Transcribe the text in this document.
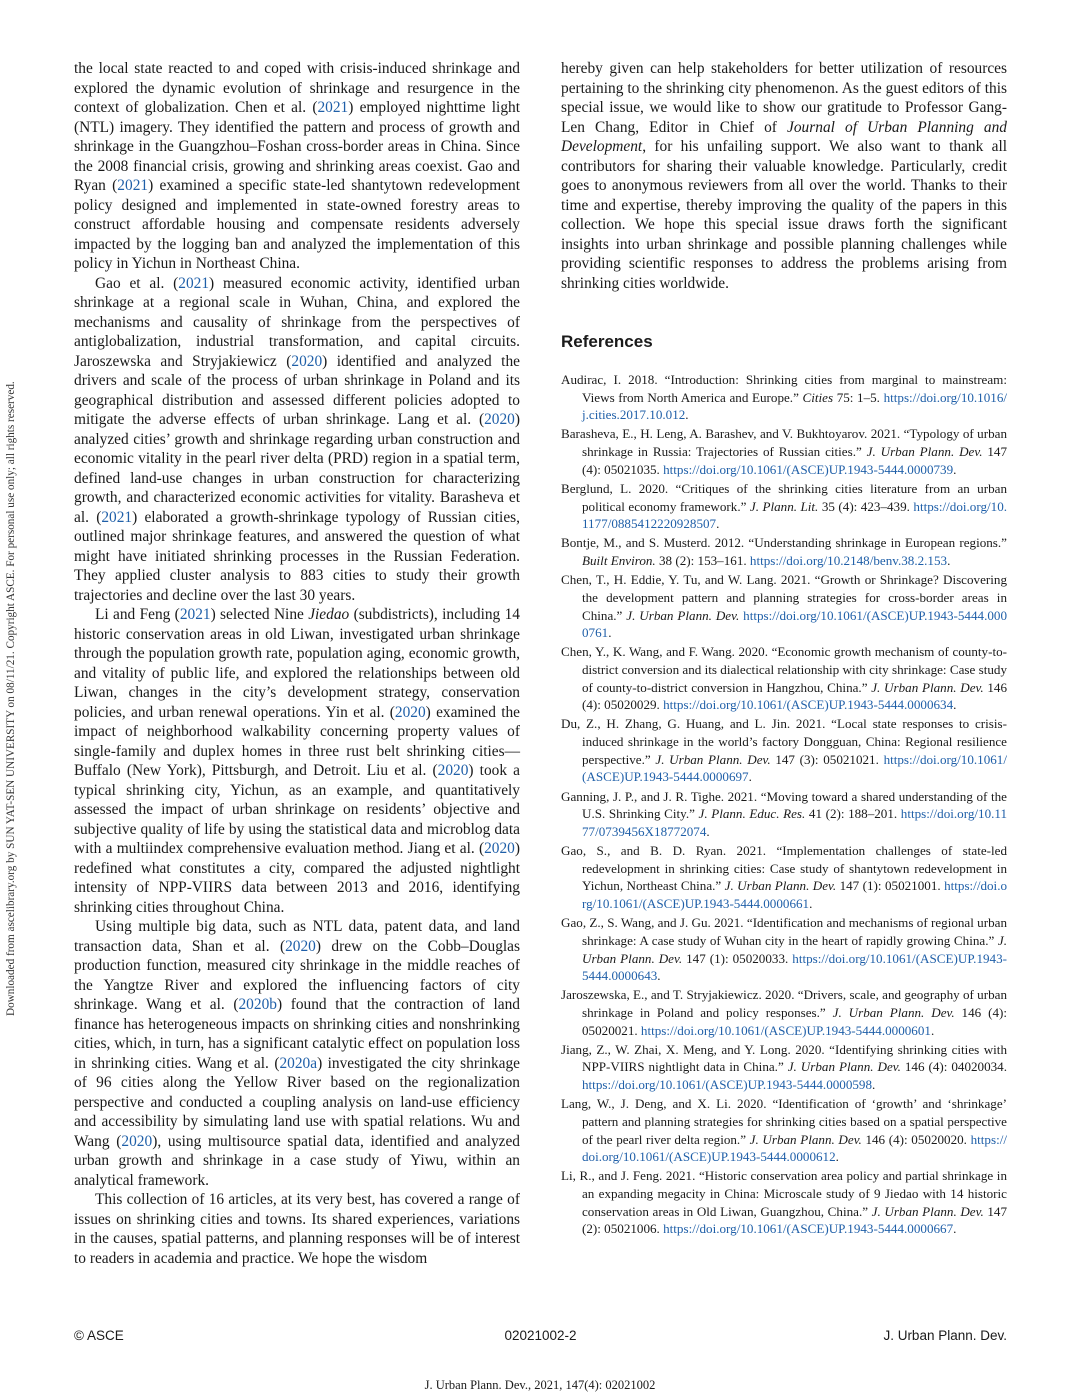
Downloaded from ascelibrary.org by SUN YAT-SEN UNIVERSITY on 08/11/21. Copyright ASCE. For personal use only; all rights reserved.

the local state reacted to and coped with crisis-induced shrinkage and explored the dynamic evolution of shrinkage and resurgence in the context of globalization. Chen et al. (2021) employed nighttime light (NTL) imagery. They identified the pattern and process of growth and shrinkage in the Guangzhou–Foshan cross-border areas in China. Since the 2008 financial crisis, growing and shrinking areas coexist. Gao and Ryan (2021) examined a specific state-led shantytown redevelopment policy designed and implemented in state-owned forestry areas to construct affordable housing and compensate residents adversely impacted by the logging ban and analyzed the implementation of this policy in Yichun in Northeast China.

Gao et al. (2021) measured economic activity, identified urban shrinkage at a regional scale in Wuhan, China, and explored the mechanisms and causality of shrinkage from the perspectives of antiglobalization, industrial transformation, and capital circuits. Jaroszewska and Stryjakiewicz (2020) identified and analyzed the drivers and scale of the process of urban shrinkage in Poland and its geographical distribution and assessed different policies adopted to mitigate the adverse effects of urban shrinkage. Lang et al. (2020) analyzed cities’ growth and shrinkage regarding urban construction and economic vitality in the pearl river delta (PRD) region in a spatial term, defined land-use changes in urban construction for characterizing growth, and characterized economic activities for vitality. Barasheva et al. (2021) elaborated a growth-shrinkage typology of Russian cities, outlined major shrinkage features, and answered the question of what might have initiated shrinking processes in the Russian Federation. They applied cluster analysis to 883 cities to study their growth trajectories and decline over the last 30 years.

Li and Feng (2021) selected Nine Jiedao (subdistricts), including 14 historic conservation areas in old Liwan, investigated urban shrinkage through the population growth rate, population aging, economic growth, and vitality of public life, and explored the relationships between old Liwan, changes in the city’s development strategy, conservation policies, and urban renewal operations. Yin et al. (2020) examined the impact of neighborhood walkability concerning property values of single-family and duplex homes in three rust belt shrinking cities—Buffalo (New York), Pittsburgh, and Detroit. Liu et al. (2020) took a typical shrinking city, Yichun, as an example, and quantitatively assessed the impact of urban shrinkage on residents’ objective and subjective quality of life by using the statistical data and microblog data with a multiindex comprehensive evaluation method. Jiang et al. (2020) redefined what constitutes a city, compared the adjusted nightlight intensity of NPP-VIIRS data between 2013 and 2016, identifying shrinking cities throughout China.

Using multiple big data, such as NTL data, patent data, and land transaction data, Shan et al. (2020) drew on the Cobb–Douglas production function, measured city shrinkage in the middle reaches of the Yangtze River and explored the influencing factors of city shrinkage. Wang et al. (2020b) found that the contraction of land finance has heterogeneous impacts on shrinking cities and nonshrinking cities, which, in turn, has a significant catalytic effect on population loss in shrinking cities. Wang et al. (2020a) investigated the city shrinkage of 96 cities along the Yellow River based on the regionalization perspective and conducted a coupling analysis on land-use efficiency and accessibility by simulating land use with spatial relations. Wu and Wang (2020), using multisource spatial data, identified and analyzed urban growth and shrinkage in a case study of Yiwu, within an analytical framework.

This collection of 16 articles, at its very best, has covered a range of issues on shrinking cities and towns. Its shared experiences, variations in the causes, spatial patterns, and planning responses will be of interest to readers in academia and practice. We hope the wisdom

hereby given can help stakeholders for better utilization of resources pertaining to the shrinking city phenomenon. As the guest editors of this special issue, we would like to show our gratitude to Professor Gang-Len Chang, Editor in Chief of Journal of Urban Planning and Development, for his unfailing support. We also want to thank all contributors for sharing their valuable knowledge. Particularly, credit goes to anonymous reviewers from all over the world. Thanks to their time and expertise, thereby improving the quality of the papers in this collection. We hope this special issue draws forth the significant insights into urban shrinkage and possible planning challenges while providing scientific responses to address the problems arising from shrinking cities worldwide.

References

Audirac, I. 2018. “Introduction: Shrinking cities from marginal to mainstream: Views from North America and Europe.” Cities 75: 1–5. https://doi.org/10.1016/j.cities.2017.10.012.

Barasheva, E., H. Leng, A. Barashev, and V. Bukhtoyarov. 2021. “Typology of urban shrinkage in Russia: Trajectories of Russian cities.” J. Urban Plann. Dev. 147 (4): 05021035. https://doi.org/10.1061/(ASCE)UP.1943-5444.0000739.

Berglund, L. 2020. “Critiques of the shrinking cities literature from an urban political economy framework.” J. Plann. Lit. 35 (4): 423–439. https://doi.org/10.1177/0885412220928507.

Bontje, M., and S. Musterd. 2012. “Understanding shrinkage in European regions.” Built Environ. 38 (2): 153–161. https://doi.org/10.2148/benv.38.2.153.

Chen, T., H. Eddie, Y. Tu, and W. Lang. 2021. “Growth or Shrinkage? Discovering the development pattern and planning strategies for cross-border areas in China.” J. Urban Plann. Dev. https://doi.org/10.1061/(ASCE)UP.1943-5444.0000761.

Chen, Y., K. Wang, and F. Wang. 2020. “Economic growth mechanism of county-to-district conversion and its dialectical relationship with city shrinkage: Case study of county-to-district conversion in Hangzhou, China.” J. Urban Plann. Dev. 146 (4): 05020029. https://doi.org/10.1061/(ASCE)UP.1943-5444.0000634.

Du, Z., H. Zhang, G. Huang, and L. Jin. 2021. “Local state responses to crisis-induced shrinkage in the world’s factory Dongguan, China: Regional resilience perspective.” J. Urban Plann. Dev. 147 (3): 05021021. https://doi.org/10.1061/(ASCE)UP.1943-5444.0000697.

Ganning, J. P., and J. R. Tighe. 2021. “Moving toward a shared understanding of the U.S. Shrinking City.” J. Plann. Educ. Res. 41 (2): 188–201. https://doi.org/10.1177/0739456X18772074.

Gao, S., and B. D. Ryan. 2021. “Implementation challenges of state-led redevelopment in shrinking cities: Case study of shantytown redevelopment in Yichun, Northeast China.” J. Urban Plann. Dev. 147 (1): 05021001. https://doi.org/10.1061/(ASCE)UP.1943-5444.0000661.

Gao, Z., S. Wang, and J. Gu. 2021. “Identification and mechanisms of regional urban shrinkage: A case study of Wuhan city in the heart of rapidly growing China.” J. Urban Plann. Dev. 147 (1): 05020033. https://doi.org/10.1061/(ASCE)UP.1943-5444.0000643.

Jaroszewska, E., and T. Stryjakiewicz. 2020. “Drivers, scale, and geography of urban shrinkage in Poland and policy responses.” J. Urban Plann. Dev. 146 (4): 05020021. https://doi.org/10.1061/(ASCE)UP.1943-5444.0000601.

Jiang, Z., W. Zhai, X. Meng, and Y. Long. 2020. “Identifying shrinking cities with NPP-VIIRS nightlight data in China.” J. Urban Plann. Dev. 146 (4): 04020034. https://doi.org/10.1061/(ASCE)UP.1943-5444.0000598.

Lang, W., J. Deng, and X. Li. 2020. “Identification of ‘growth’ and ‘shrinkage’ pattern and planning strategies for shrinking cities based on a spatial perspective of the pearl river delta region.” J. Urban Plann. Dev. 146 (4): 05020020. https://doi.org/10.1061/(ASCE)UP.1943-5444.0000612.

Li, R., and J. Feng. 2021. “Historic conservation area policy and partial shrinkage in an expanding megacity in China: Microscale study of 9 Jiedao with 14 historic conservation areas in Old Liwan, Guangzhou, China.” J. Urban Plann. Dev. 147 (2): 05021006. https://doi.org/10.1061/(ASCE)UP.1943-5444.0000667.

© ASCE	02021002-2	J. Urban Plann. Dev.
J. Urban Plann. Dev., 2021, 147(4): 02021002
